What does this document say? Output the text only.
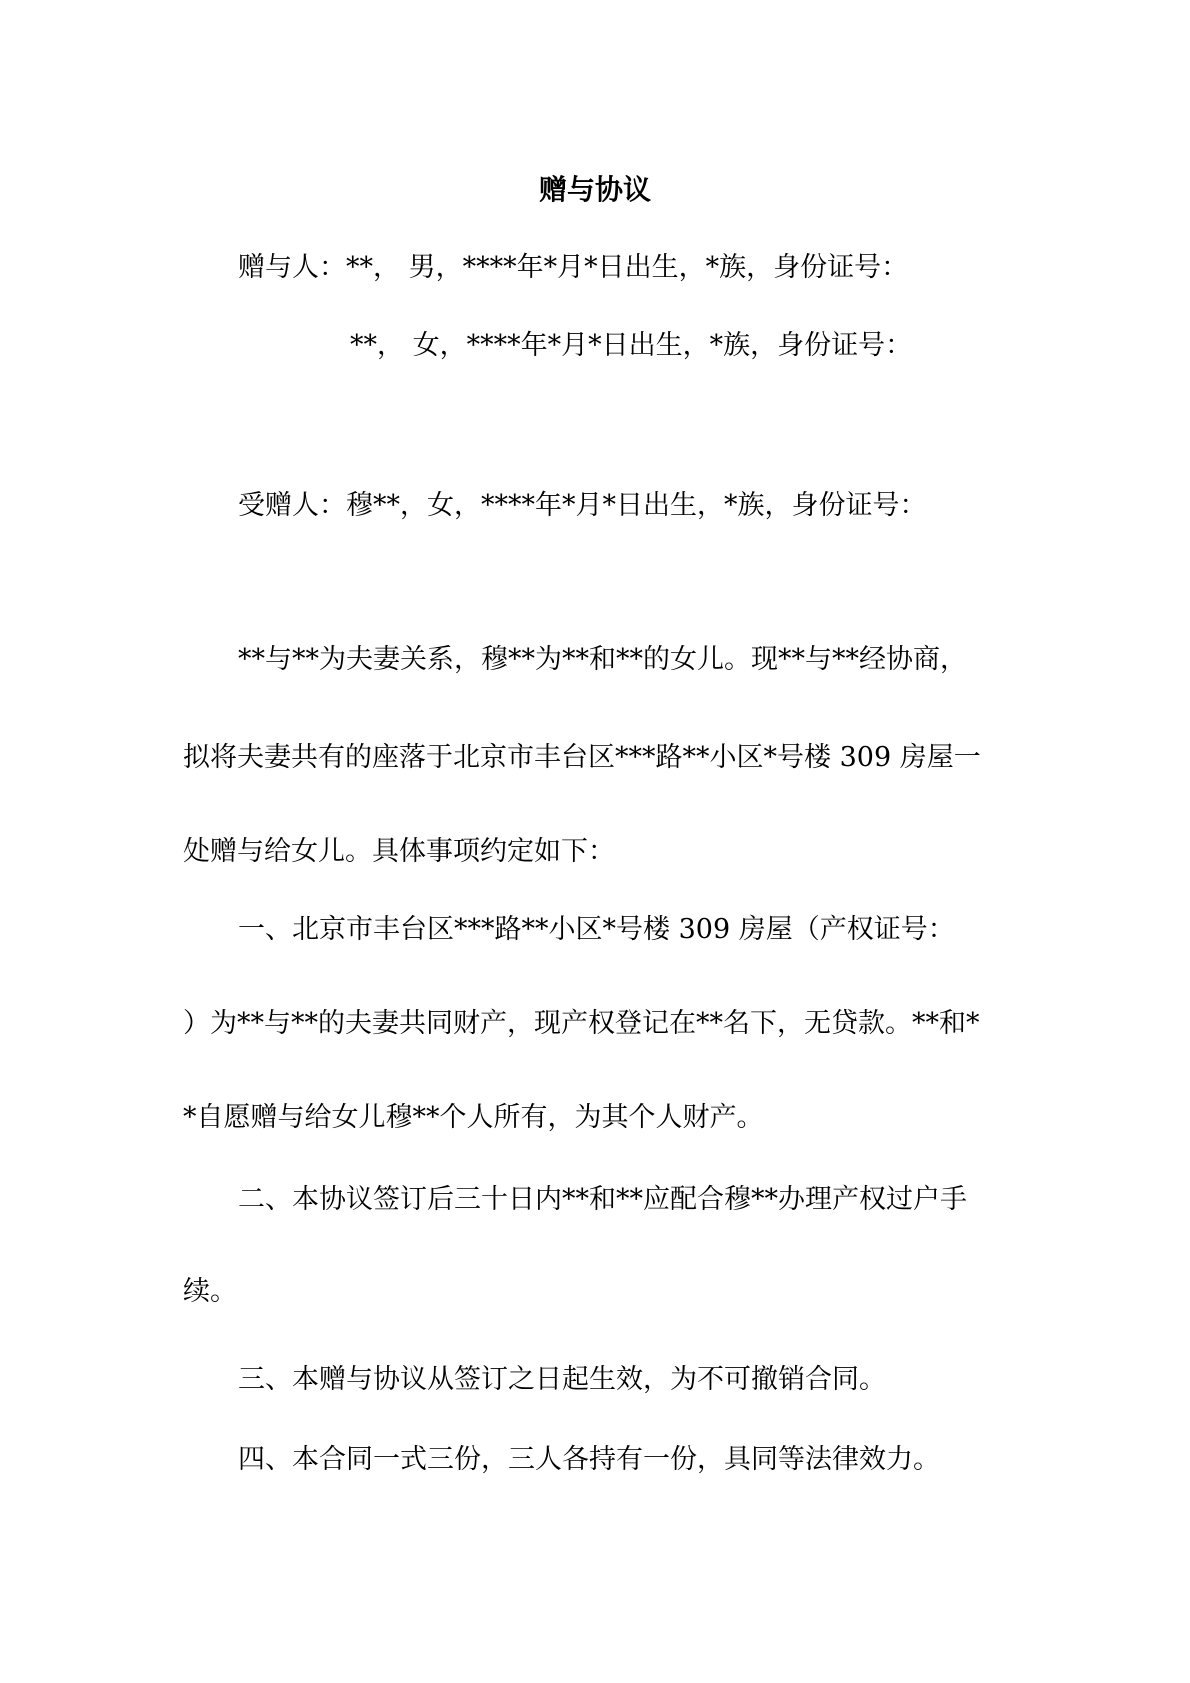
赠与协议
赠与人：**， 男，****年*月*日出生，*族，身份证号：
**， 女，****年*月*日出生，*族，身份证号：
受赠人：穆**，女，****年*月*日出生，*族，身份证号：
**与**为夫妻关系，穆**为**和**的女儿。现**与**经协商，
拟将夫妻共有的座落于北京市丰台区***路**小区*号楼 309 房屋一
处赠与给女儿。具体事项约定如下：
一、北京市丰台区***路**小区*号楼 309 房屋（产权证号：
）为**与**的夫妻共同财产，现产权登记在**名下，无贷款。**和*
*自愿赠与给女儿穆**个人所有，为其个人财产。
二、本协议签订后三十日内**和**应配合穆**办理产权过户手
续。
三、本赠与协议从签订之日起生效，为不可撤销合同。
四、本合同一式三份，三人各持有一份，具同等法律效力。
